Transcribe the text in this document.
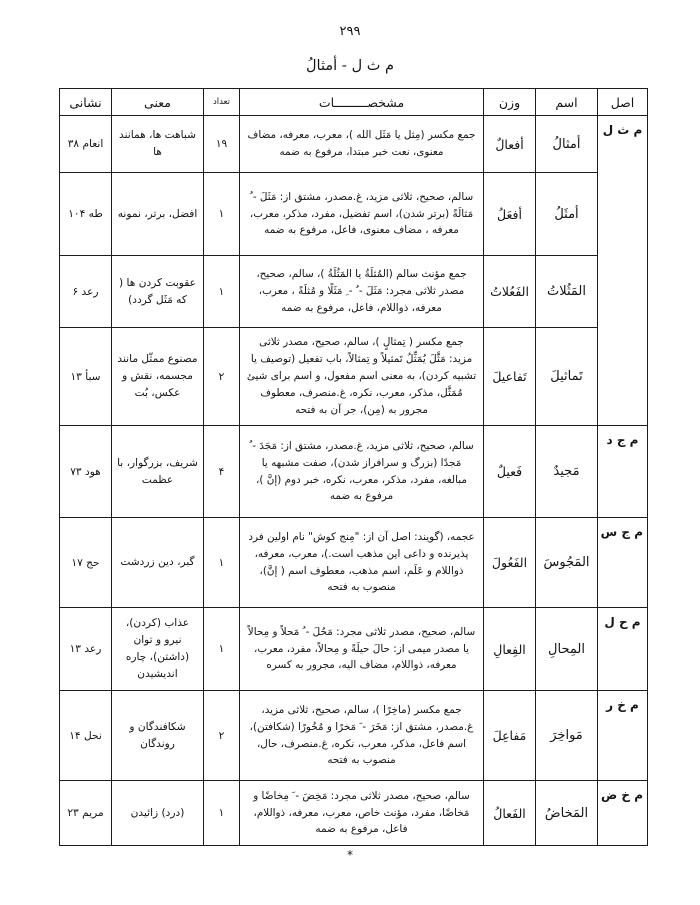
۲۹۹
م ث ل - أمثالُ
اصل	اسم	وزن	مشخصـــــــــات	تعداد	معنی	نشانی
م ث ل	أمثالُ	أفعالٌ	جمع مكسر (مِثل يا مَثَل الله )، معرب، معرفه، مضاف معنوى، نعت خبر مبتدا، مرفوع به ضمه	۱۹	شباهت ها، همانند ها	انعام ۳۸
	أمثَلُ	أفعَلُ	سالم، صحيح، ثلاثى مزيد، غ.مصدر، مشتق از: مَثَلَ - ُ مَثالَةً (برتر شدن)، اسم تفضيل، مفرد، مذكر، معرب، معرفه ، مضاف معنوى، فاعل، مرفوع به ضمه	۱	افضل، برتر، نمونه	طه ۱۰۴
	المَثُلاتُ	الفَعُلاتُ	جمع مؤنث سالم (المُثلَةُ يا المَثُلَةُ )، سالم، صحيح، مصدر ثلاثى مجرد: مَثَلَ - ُ - ِ مَثَلًا و مُثلَةً ، معرب، معرفه، ذواللام، فاعل، مرفوع به ضمه	۱	عقوبت كردن ها ( كه مَثَل گردد)	رعد ۶
	تَماثيلَ	تَفاعيلَ	جمع مكسر ( تِمثالٍ )، سالم، صحيح، مصدر ثلاثى مزيد: مَثَّلَ يُمَثِّلُ تَمثيلاً و تِمثالاً، باب تفعيل (توصيف يا تشبيه كردن)، به معنى اسم مفعول، و اسم براى شيئ مُمَثَّل، مذكر، معرب، نكره، غ.منصرف، معطوف مجرور به (مِن)، جر آن به فتحه	۲	مصنوع ممثّل مانند مجسمه، نقش و عكس، بُت	سبأ ۱۳
م ج د	مَجيدٌ	فَعيلٌ	سالم، صحيح، ثلاثى مزيد، غ.مصدر، مشتق از: مَجَدَ - ُ مَجدًا (بزرگ و سرافراز شدن)، صفت مشبهه يا مبالغه، مفرد، مذكر، معرب، نكره، خبر دوم (إنَّ )، مرفوع به ضمه	۴	شريف، بزرگوار، با عظمت	هود ۷۳
م ج س	المَجُوسَ	الفَعُولَ	عجمه، (گويند: اصل آن از: "مِنج كوش" نام اولين فرد پذيرنده و داعى اين مذهب است.)، معرب، معرفه، ذواللام و عَلَم، اسم مذهب، معطوف اسم ( إنَّ)، منصوب به فتحه	۱	گبر، دين زردشت	حج ۱۷
م ح ل	المِحالِ	الفِعالِ	سالم، صحيح، مصدر ثلاثى مجرد: مَحُلَ - ُ مَحلاً و مِحالاً يا مصدر ميمى از: حالَ حيلَةً و مِحالاً، مفرد، معرب، معرفه، ذواللام، مضاف اليه، مجرور به كسره	۱	عذاب (كردن)، نيرو و توان (داشتن)، چاره انديشيدن	رعد ۱۳
م خ ر	مَواخِرَ	مَفاعِلَ	جمع مكسر (ماخِرًا )، سالم، صحيح، ثلاثى مزيد، غ.مصدر، مشتق از: مَخَرَ - َ مَخرًا و مُخُورًا (شكافتن)، اسم فاعل، مذكر، معرب، نكره، غ.منصرف، حال، منصوب به فتحه	۲	شكافندگان و روندگان	نحل ۱۴
م خ ض	المَخاضُ	الفَعالُ	سالم، صحيح، مصدر ثلاثى مجرد: مَخِضَ - َ مِخاضًا و مَخاضًا، مفرد، مؤنث خاص، معرب، معرفه، ذواللام، فاعل، مرفوع به ضمه	۱	(درد) زائيدن	مريم ۲۳
*
